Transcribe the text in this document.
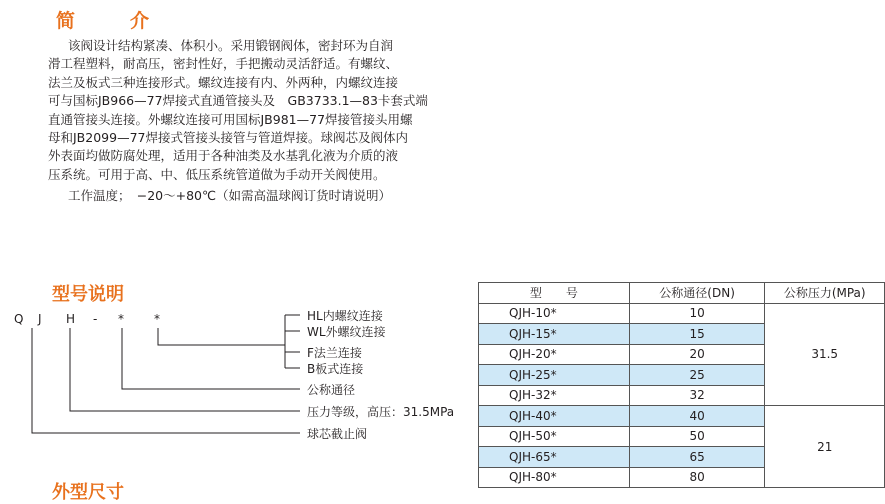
简　介
该阀设计结构紧凑、体积小。采用锻钢阀体，密封环为自润
滑工程塑料，耐高压，密封性好，手把搬动灵活舒适。有螺纹、
法兰及板式三种连接形式。螺纹连接有内、外两种，内螺纹连接
可与国标JB966—77焊接式直通管接头及　GB3733.1—83卡套式端
直通管接头连接。外螺纹连接可用国标JB981—77焊接管接头用螺
母和JB2099—77焊接式管接头接管与管道焊接。球阀芯及阀体内
外表面均做防腐处理，适用于各种油类及水基乳化液为介质的液
压系统。可用于高、中、低压系统管道做为手动开关阀使用。
工作温度；　−20～+80℃（如需高温球阀订货时请说明）
型号说明
Q J H - *	*	HL内螺纹连接
WL外螺纹连接
F法兰连接
B板式连接
公称通径
压力等级，高压：31.5MPa
球芯截止阀
型　　号	公称通径(DN)	公称压力(MPa)
QJH-10*	10	31.5
QJH-15*	15	
QJH-20*	20	
QJH-25*	25	
QJH-32*	32	
QJH-40*	40	21
QJH-50*	50	
QJH-65*	65	
QJH-80*	80	
外型尺寸
